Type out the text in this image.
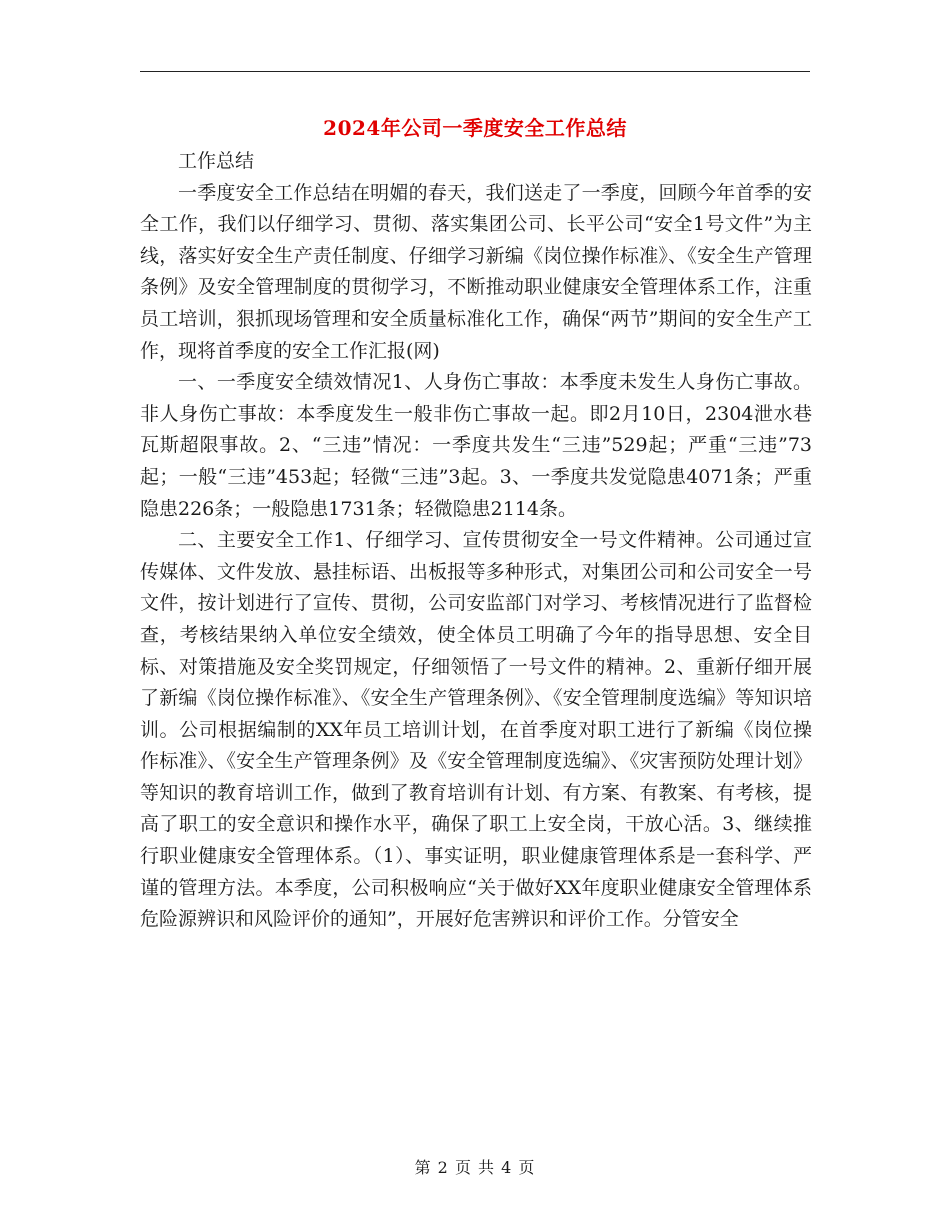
2024年公司一季度安全工作总结

工作总结

一季度安全工作总结在明媚的春天，我们送走了一季度，回顾今年首季的安全工作，我们以仔细学习、贯彻、落实集团公司、长平公司“安全1号文件”为主线，落实好安全生产责任制度、仔细学习新编《岗位操作标准》、《安全生产管理条例》及安全管理制度的贯彻学习，不断推动职业健康安全管理体系工作，注重员工培训，狠抓现场管理和安全质量标准化工作，确保“两节”期间的安全生产工作，现将首季度的安全工作汇报(网)

一、一季度安全绩效情况1、人身伤亡事故：本季度未发生人身伤亡事故。非人身伤亡事故：本季度发生一般非伤亡事故一起。即2月10日，2304泄水巷瓦斯超限事故。2、“三违”情况：一季度共发生“三违”529起；严重“三违”73起；一般“三违”453起；轻微“三违”3起。3、一季度共发觉隐患4071条；严重隐患226条；一般隐患1731条；轻微隐患2114条。

二、主要安全工作1、仔细学习、宣传贯彻安全一号文件精神。公司通过宣传媒体、文件发放、悬挂标语、出板报等多种形式，对集团公司和公司安全一号文件，按计划进行了宣传、贯彻，公司安监部门对学习、考核情况进行了监督检查，考核结果纳入单位安全绩效，使全体员工明确了今年的指导思想、安全目标、对策措施及安全奖罚规定，仔细领悟了一号文件的精神。2、重新仔细开展了新编《岗位操作标准》、《安全生产管理条例》、《安全管理制度选编》等知识培训。公司根据编制的XX年员工培训计划，在首季度对职工进行了新编《岗位操作标准》、《安全生产管理条例》及《安全管理制度选编》、《灾害预防处理计划》等知识的教育培训工作，做到了教育培训有计划、有方案、有教案、有考核，提高了职工的安全意识和操作水平，确保了职工上安全岗，干放心活。3、继续推行职业健康安全管理体系。（1）、事实证明，职业健康管理体系是一套科学、严谨的管理方法。本季度，公司积极响应“关于做好XX年度职业健康安全管理体系危险源辨识和风险评价的通知”，开展好危害辨识和评价工作。分管安全

第 2 页 共 4 页
